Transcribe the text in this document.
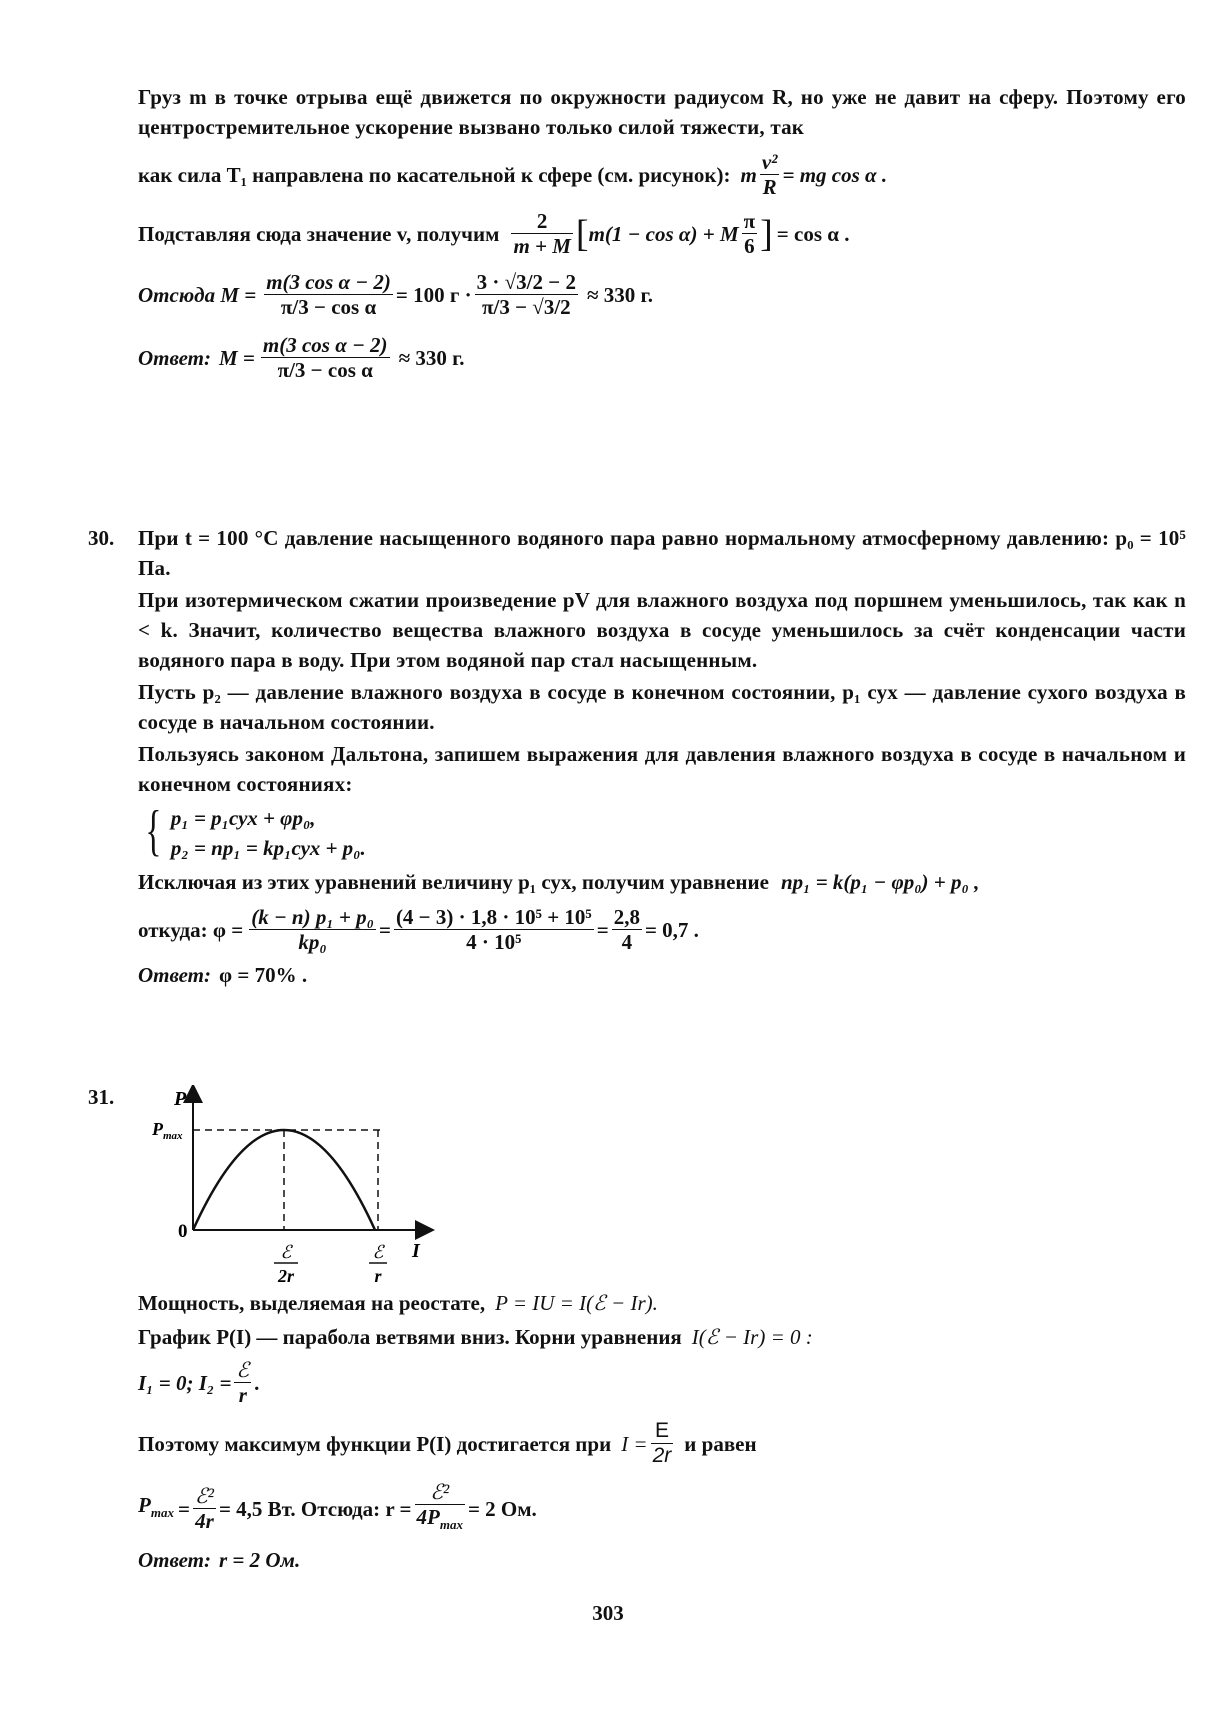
Груз m в точке отрыва ещё движется по окружности радиусом R, но уже не давит на сферу. Поэтому его центростремительное ускорение вызвано только силой тяжести, так

как сила T₁ направлена по касательной к сфере (см. рисунок): m $\frac{\text{v²}}{R}$ = mg cos α .
Подставляя сюда значение v, получим $\frac{2}{m + M}$ [ m(1 − cos α) + M $\frac{\pi}{6}$ ] = cos α .
Отсюда $M = \frac{\text{m(3 cos α − 2)}}{\text{π/3 − cos α}} = 100$ $г \cdot \frac{3 \cdot √3/2 - 2}{\pi/3 - √3/2} \approx 330$ г.
Ответ: $M = \frac{\text{m(3 cos α − 2)}}{\text{π/3 − cos α}} \approx 330$ г.
30. При t = 100 °C давление насыщенного водяного пара равно нормальному атмосферному давлению: p₀ = 10⁵ Па.

При изотермическом сжатии произведение pV для влажного воздуха под поршнем уменьшилось, так как n < k. Значит, количество вещества влажного воздуха в сосуде уменьшилось за счёт конденсации части водяного пара в воду. При этом водяной пар стал насыщенным.

Пусть p₂ — давление влажного воздуха в сосуде в конечном состоянии, p₁ сух — давление сухого воздуха в сосуде в начальном состоянии.

Пользуясь законом Дальтона, запишем выражения для давления влажного воздуха в сосуде в начальном и конечном состояниях:

{ p₁ = p₁сух + φp₀,
p₂ = np₁ = kp₁сух + p₀.
Исключая из этих уравнений величину p₁ сух, получим уравнение np₁ = k(p₁ − φp₀) + p₀ ,
откуда: $\varphi = \frac{\text{(k − n) p₁ + p₀}}{\text{kp₀}} = \frac{\text{(4 − 3) · 1,8 · 10⁵ + 10⁵}}{\text{4 · 10⁵}} = \frac{2,8}{4} = 0,7$ .
Ответ: φ = 70% .
31.	P
$P_{max}$
0
I
ℰ
2r
ℰ
r
Мощность, выделяемая на реостате, P = IU = I(ℰ − Ir).
График P(I) — парабола ветвями вниз. Корни уравнения I(ℰ − Ir) = 0 :
I₁ = 0; $I_2 = \frac{\text{ℰ}}{r}$ .
Поэтому максимум функции P(I) достигается при $I = \frac{E}{2r}$ и равен
$P_{max} = \frac{\text{ℰ²}}{4r} = 4,5$ Вт. Отсюда: $r = \frac{\text{ℰ²}}{4P_{max}} = 2$ Ом.
Ответ: r = 2 Ом.
303
